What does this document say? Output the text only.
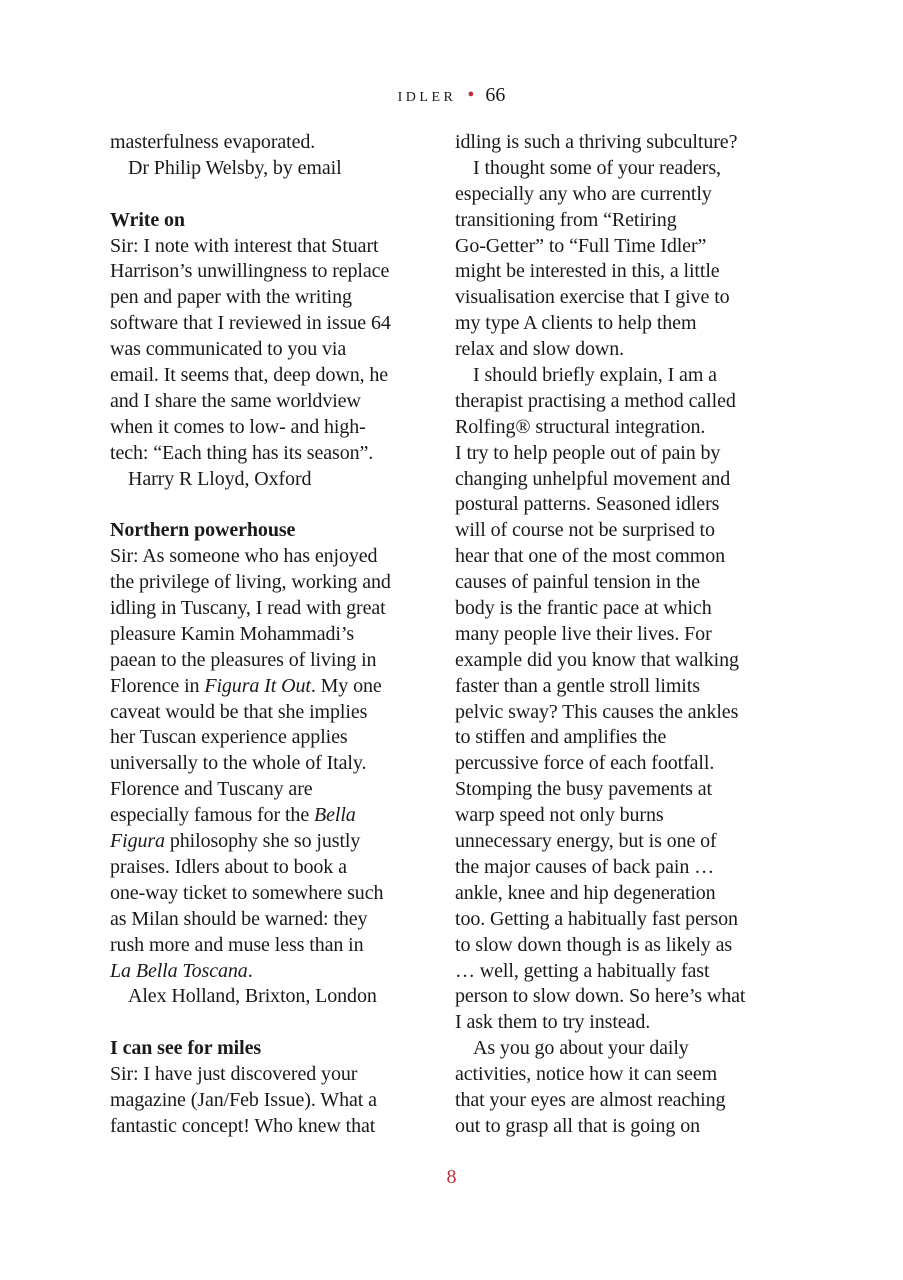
IDLER • 66
masterfulness evaporated.
Dr Philip Welsby, by email
Write on
Sir: I note with interest that Stuart
Harrison’s unwillingness to replace
pen and paper with the writing
software that I reviewed in issue 64
was communicated to you via
email. It seems that, deep down, he
and I share the same worldview
when it comes to low- and high-
tech: “Each thing has its season”.
Harry R Lloyd, Oxford
Northern powerhouse
Sir: As someone who has enjoyed
the privilege of living, working and
idling in Tuscany, I read with great
pleasure Kamin Mohammadi’s
paean to the pleasures of living in
Florence in Figura It Out. My one
caveat would be that she implies
her Tuscan experience applies
universally to the whole of Italy.
Florence and Tuscany are
especially famous for the Bella
Figura philosophy she so justly
praises. Idlers about to book a
one-way ticket to somewhere such
as Milan should be warned: they
rush more and muse less than in
La Bella Toscana.
Alex Holland, Brixton, London
I can see for miles
Sir: I have just discovered your
magazine (Jan/Feb Issue). What a
fantastic concept! Who knew that
idling is such a thriving subculture?
I thought some of your readers,
especially any who are currently
transitioning from “Retiring
Go-Getter” to “Full Time Idler”
might be interested in this, a little
visualisation exercise that I give to
my type A clients to help them
relax and slow down.
I should briefly explain, I am a
therapist practising a method called
Rolfing® structural integration.
I try to help people out of pain by
changing unhelpful movement and
postural patterns. Seasoned idlers
will of course not be surprised to
hear that one of the most common
causes of painful tension in the
body is the frantic pace at which
many people live their lives. For
example did you know that walking
faster than a gentle stroll limits
pelvic sway? This causes the ankles
to stiffen and amplifies the
percussive force of each footfall.
Stomping the busy pavements at
warp speed not only burns
unnecessary energy, but is one of
the major causes of back pain …
ankle, knee and hip degeneration
too. Getting a habitually fast person
to slow down though is as likely as
… well, getting a habitually fast
person to slow down. So here’s what
I ask them to try instead.
As you go about your daily
activities, notice how it can seem
that your eyes are almost reaching
out to grasp all that is going on
8
